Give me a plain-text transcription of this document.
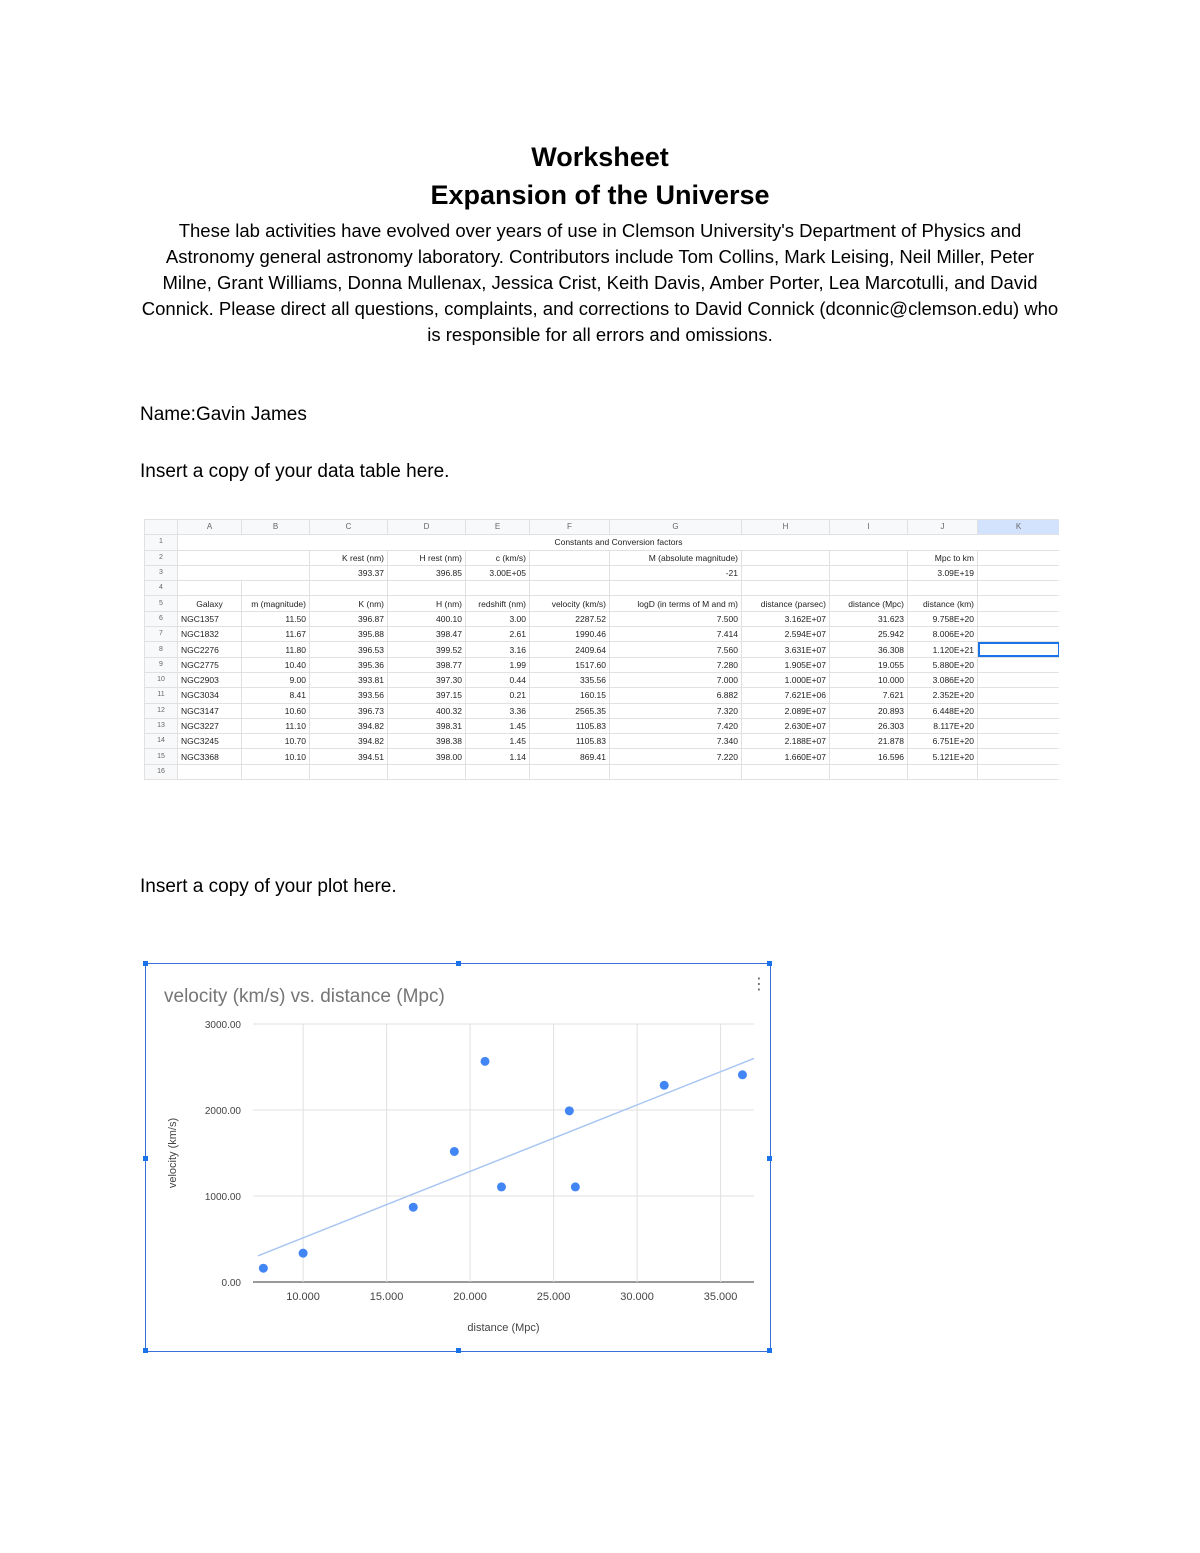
Worksheet
Expansion of the Universe
These lab activities have evolved over years of use in Clemson University's Department of Physics and Astronomy general astronomy laboratory. Contributors include Tom Collins, Mark Leising, Neil Miller, Peter Milne, Grant Williams, Donna Mullenax, Jessica Crist, Keith Davis, Amber Porter, Lea Marcotulli, and David Connick. Please direct all questions, complaints, and corrections to David Connick (dconnic@clemson.edu) who is responsible for all errors and omissions.
Name:Gavin James
Insert a copy of your data table here.
	A	B	C	D	E	F	G	H	I	J	K
1	Constants and Conversion factors										
2			K rest (nm)	H rest (nm)	c (km/s)		M (absolute magnitude)			Mpc to km	
3			393.37	396.85	3.00E+05		-21			3.09E+19	
4											
5	Galaxy	m (magnitude)	K (nm)	H (nm)	redshift (nm)	velocity (km/s)	logD (in terms of M and m)	distance (parsec)	distance (Mpc)	distance (km)	
6	NGC1357	11.50	396.87	400.10	3.00	2287.52	7.500	3.162E+07	31.623	9.758E+20	
7	NGC1832	11.67	395.88	398.47	2.61	1990.46	7.414	2.594E+07	25.942	8.006E+20	
8	NGC2276	11.80	396.53	399.52	3.16	2409.64	7.560	3.631E+07	36.308	1.120E+21	
9	NGC2775	10.40	395.36	398.77	1.99	1517.60	7.280	1.905E+07	19.055	5.880E+20	
10	NGC2903	9.00	393.81	397.30	0.44	335.56	7.000	1.000E+07	10.000	3.086E+20	
11	NGC3034	8.41	393.56	397.15	0.21	160.15	6.882	7.621E+06	7.621	2.352E+20	
12	NGC3147	10.60	396.73	400.32	3.36	2565.35	7.320	2.089E+07	20.893	6.448E+20	
13	NGC3227	11.10	394.82	398.31	1.45	1105.83	7.420	2.630E+07	26.303	8.117E+20	
14	NGC3245	10.70	394.82	398.38	1.45	1105.83	7.340	2.188E+07	21.878	6.751E+20	
15	NGC3368	10.10	394.51	398.00	1.14	869.41	7.220	1.660E+07	16.596	5.121E+20	
16											
Insert a copy of your plot here.
velocity (km/s) vs. distance (Mpc)
⋮
0.00
1000.00
2000.00
3000.00
10.000	15.000	20.000	25.000	30.000	35.000
distance (Mpc)
velocity (km/s)
